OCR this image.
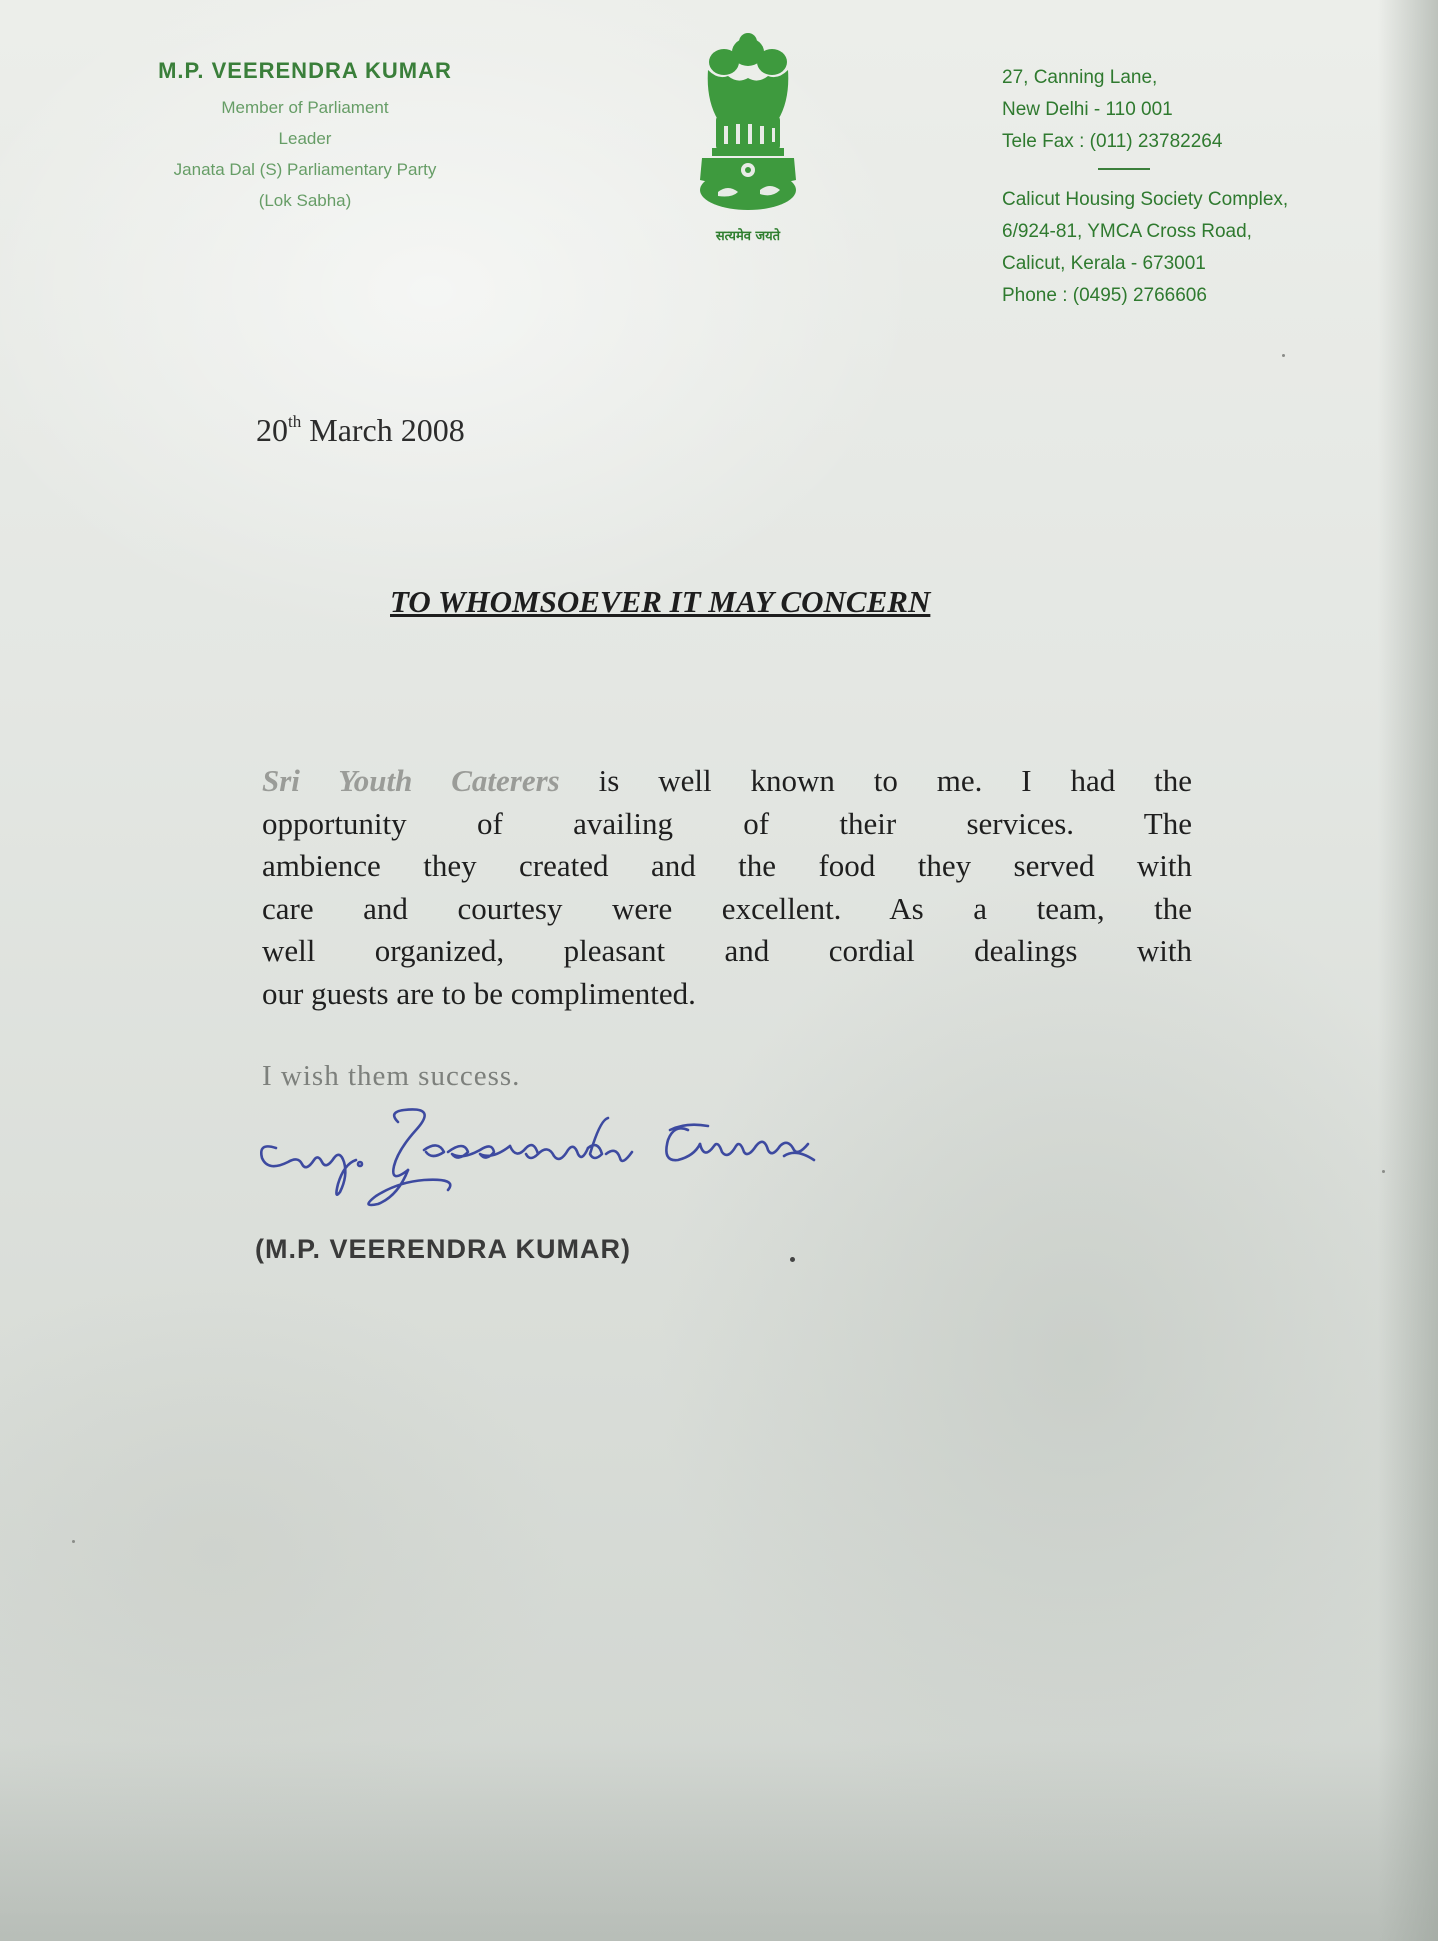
M.P. VEERENDRA KUMAR
Member of Parliament
Leader
Janata Dal (S) Parliamentary Party
(Lok Sabha)
सत्यमेव जयते
27, Canning Lane,
New Delhi - 110 001
Tele Fax : (011) 23782264
Calicut Housing Society Complex,
6/924-81, YMCA Cross Road,
Calicut, Kerala - 673001
Phone : (0495) 2766606
20th March 2008
TO WHOMSOEVER IT MAY CONCERN
Sri Youth Caterers is well known to me. I had the
opportunity of availing of their services. The
ambience they created and the food they served with
care and courtesy were excellent. As a team, the
well organized, pleasant and cordial dealings with
our guests are to be complimented.
I wish them success.
(M.P. VEERENDRA KUMAR)
